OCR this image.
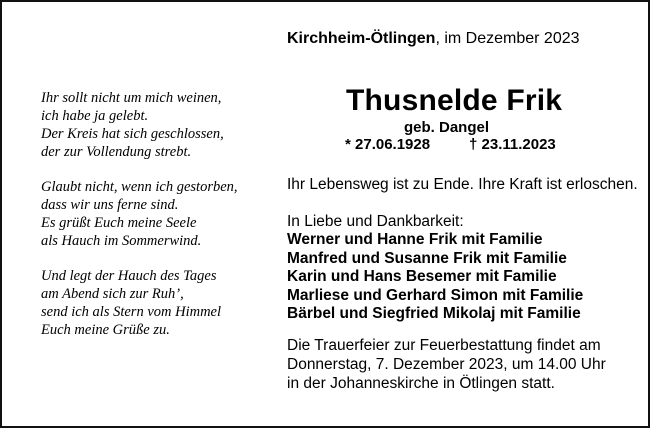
Kirchheim-Ötlingen, im Dezember 2023
Ihr sollt nicht um mich weinen,
ich habe ja gelebt.
Der Kreis hat sich geschlossen,
der zur Vollendung strebt.
Glaubt nicht, wenn ich gestorben,
dass wir uns ferne sind.
Es grüßt Euch meine Seele
als Hauch im Sommerwind.
Und legt der Hauch des Tages
am Abend sich zur Ruh’,
send ich als Stern vom Himmel
Euch meine Grüße zu.
Thusnelde Frik
geb. Dangel
* 27.06.1928	† 23.11.2023
Ihr Lebensweg ist zu Ende. Ihre Kraft ist erloschen.
In Liebe und Dankbarkeit:
Werner und Hanne Frik mit Familie
Manfred und Susanne Frik mit Familie
Karin und Hans Besemer mit Familie
Marliese und Gerhard Simon mit Familie
Bärbel und Siegfried Mikolaj mit Familie
Die Trauerfeier zur Feuerbestattung findet am
Donnerstag, 7. Dezember 2023, um 14.00 Uhr
in der Johanneskirche in Ötlingen statt.
